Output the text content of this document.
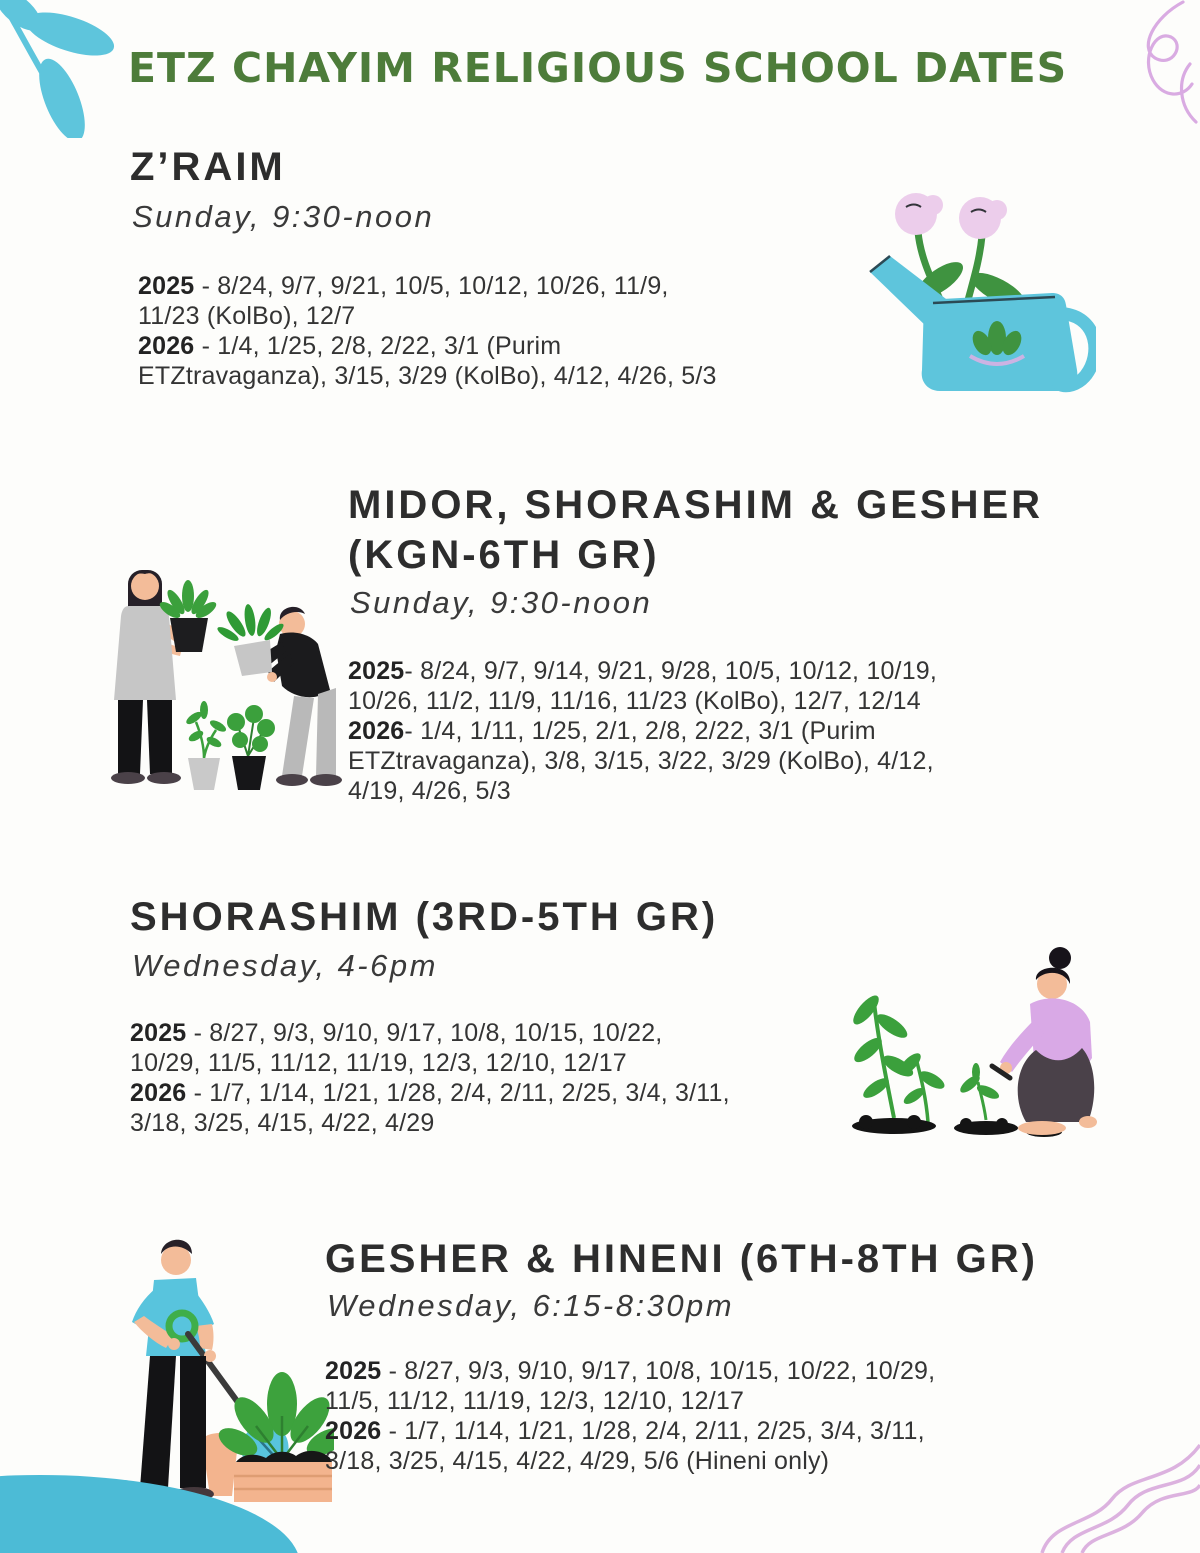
ETZ CHAYIM RELIGIOUS SCHOOL DATES
Z’RAIM
Sunday, 9:30-noon

2025 - 8/24, 9/7, 9/21, 10/5, 10/12, 10/26, 11/9, 11/23 (KolBo), 12/7

2026 - 1/4, 1/25, 2/8, 2/22, 3/1 (Purim ETZtravaganza), 3/15, 3/29 (KolBo), 4/12, 4/26, 5/3

MIDOR, SHORASHIM & GESHER (KGN-6TH GR)
Sunday, 9:30-noon

2025- 8/24, 9/7, 9/14, 9/21, 9/28, 10/5, 10/12, 10/19, 10/26, 11/2, 11/9, 11/16, 11/23 (KolBo), 12/7, 12/14

2026- 1/4, 1/11, 1/25, 2/1, 2/8, 2/22, 3/1 (Purim ETZtravaganza), 3/8, 3/15, 3/22, 3/29 (KolBo), 4/12, 4/19, 4/26, 5/3

SHORASHIM (3RD-5TH GR)
Wednesday, 4-6pm

2025 - 8/27, 9/3, 9/10, 9/17, 10/8, 10/15, 10/22, 10/29, 11/5, 11/12, 11/19, 12/3, 12/10, 12/17

2026 - 1/7, 1/14, 1/21, 1/28, 2/4, 2/11, 2/25, 3/4, 3/11, 3/18, 3/25, 4/15, 4/22, 4/29

GESHER & HINENI (6TH-8TH GR)
Wednesday, 6:15-8:30pm

2025 - 8/27, 9/3, 9/10, 9/17, 10/8, 10/15, 10/22, 10/29, 11/5, 11/12, 11/19, 12/3, 12/10, 12/17

2026 - 1/7, 1/14, 1/21, 1/28, 2/4, 2/11, 2/25, 3/4, 3/11, 3/18, 3/25, 4/15, 4/22, 4/29, 5/6 (Hineni only)
